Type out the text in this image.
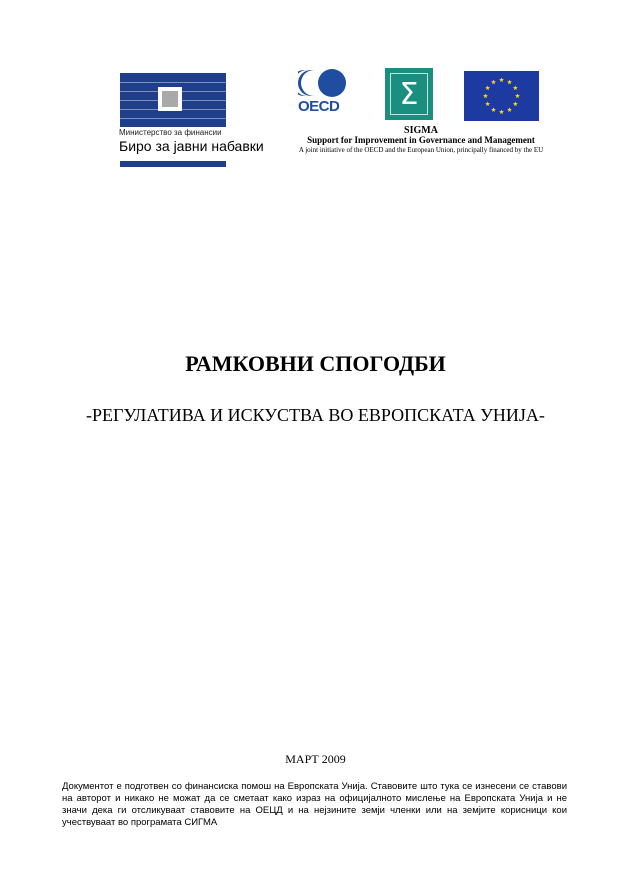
Министерство за финансии
Биро за јавни набавки
OECD	Σ
SIGMA
Support for Improvement in Governance and Management
A joint initiative of the OECD and the European Union, principally financed by the EU
РАМКОВНИ СПОГОДБИ
-РЕГУЛАТИВА И ИСКУСТВА ВО ЕВРОПСКАТА УНИЈА-
МАРТ 2009
Документот е подготвен со финансиска помош на Европската Унија. Ставовите што тука се изнесени се ставови на авторот и никако не можат да се сметаат како израз на официјалното мислење на Европската Унија и не значи дека ги отсликуваат ставовите на ОЕЦД и на нејзините земји членки или на земјите корисници кои учествуваат во програмата СИГМА
